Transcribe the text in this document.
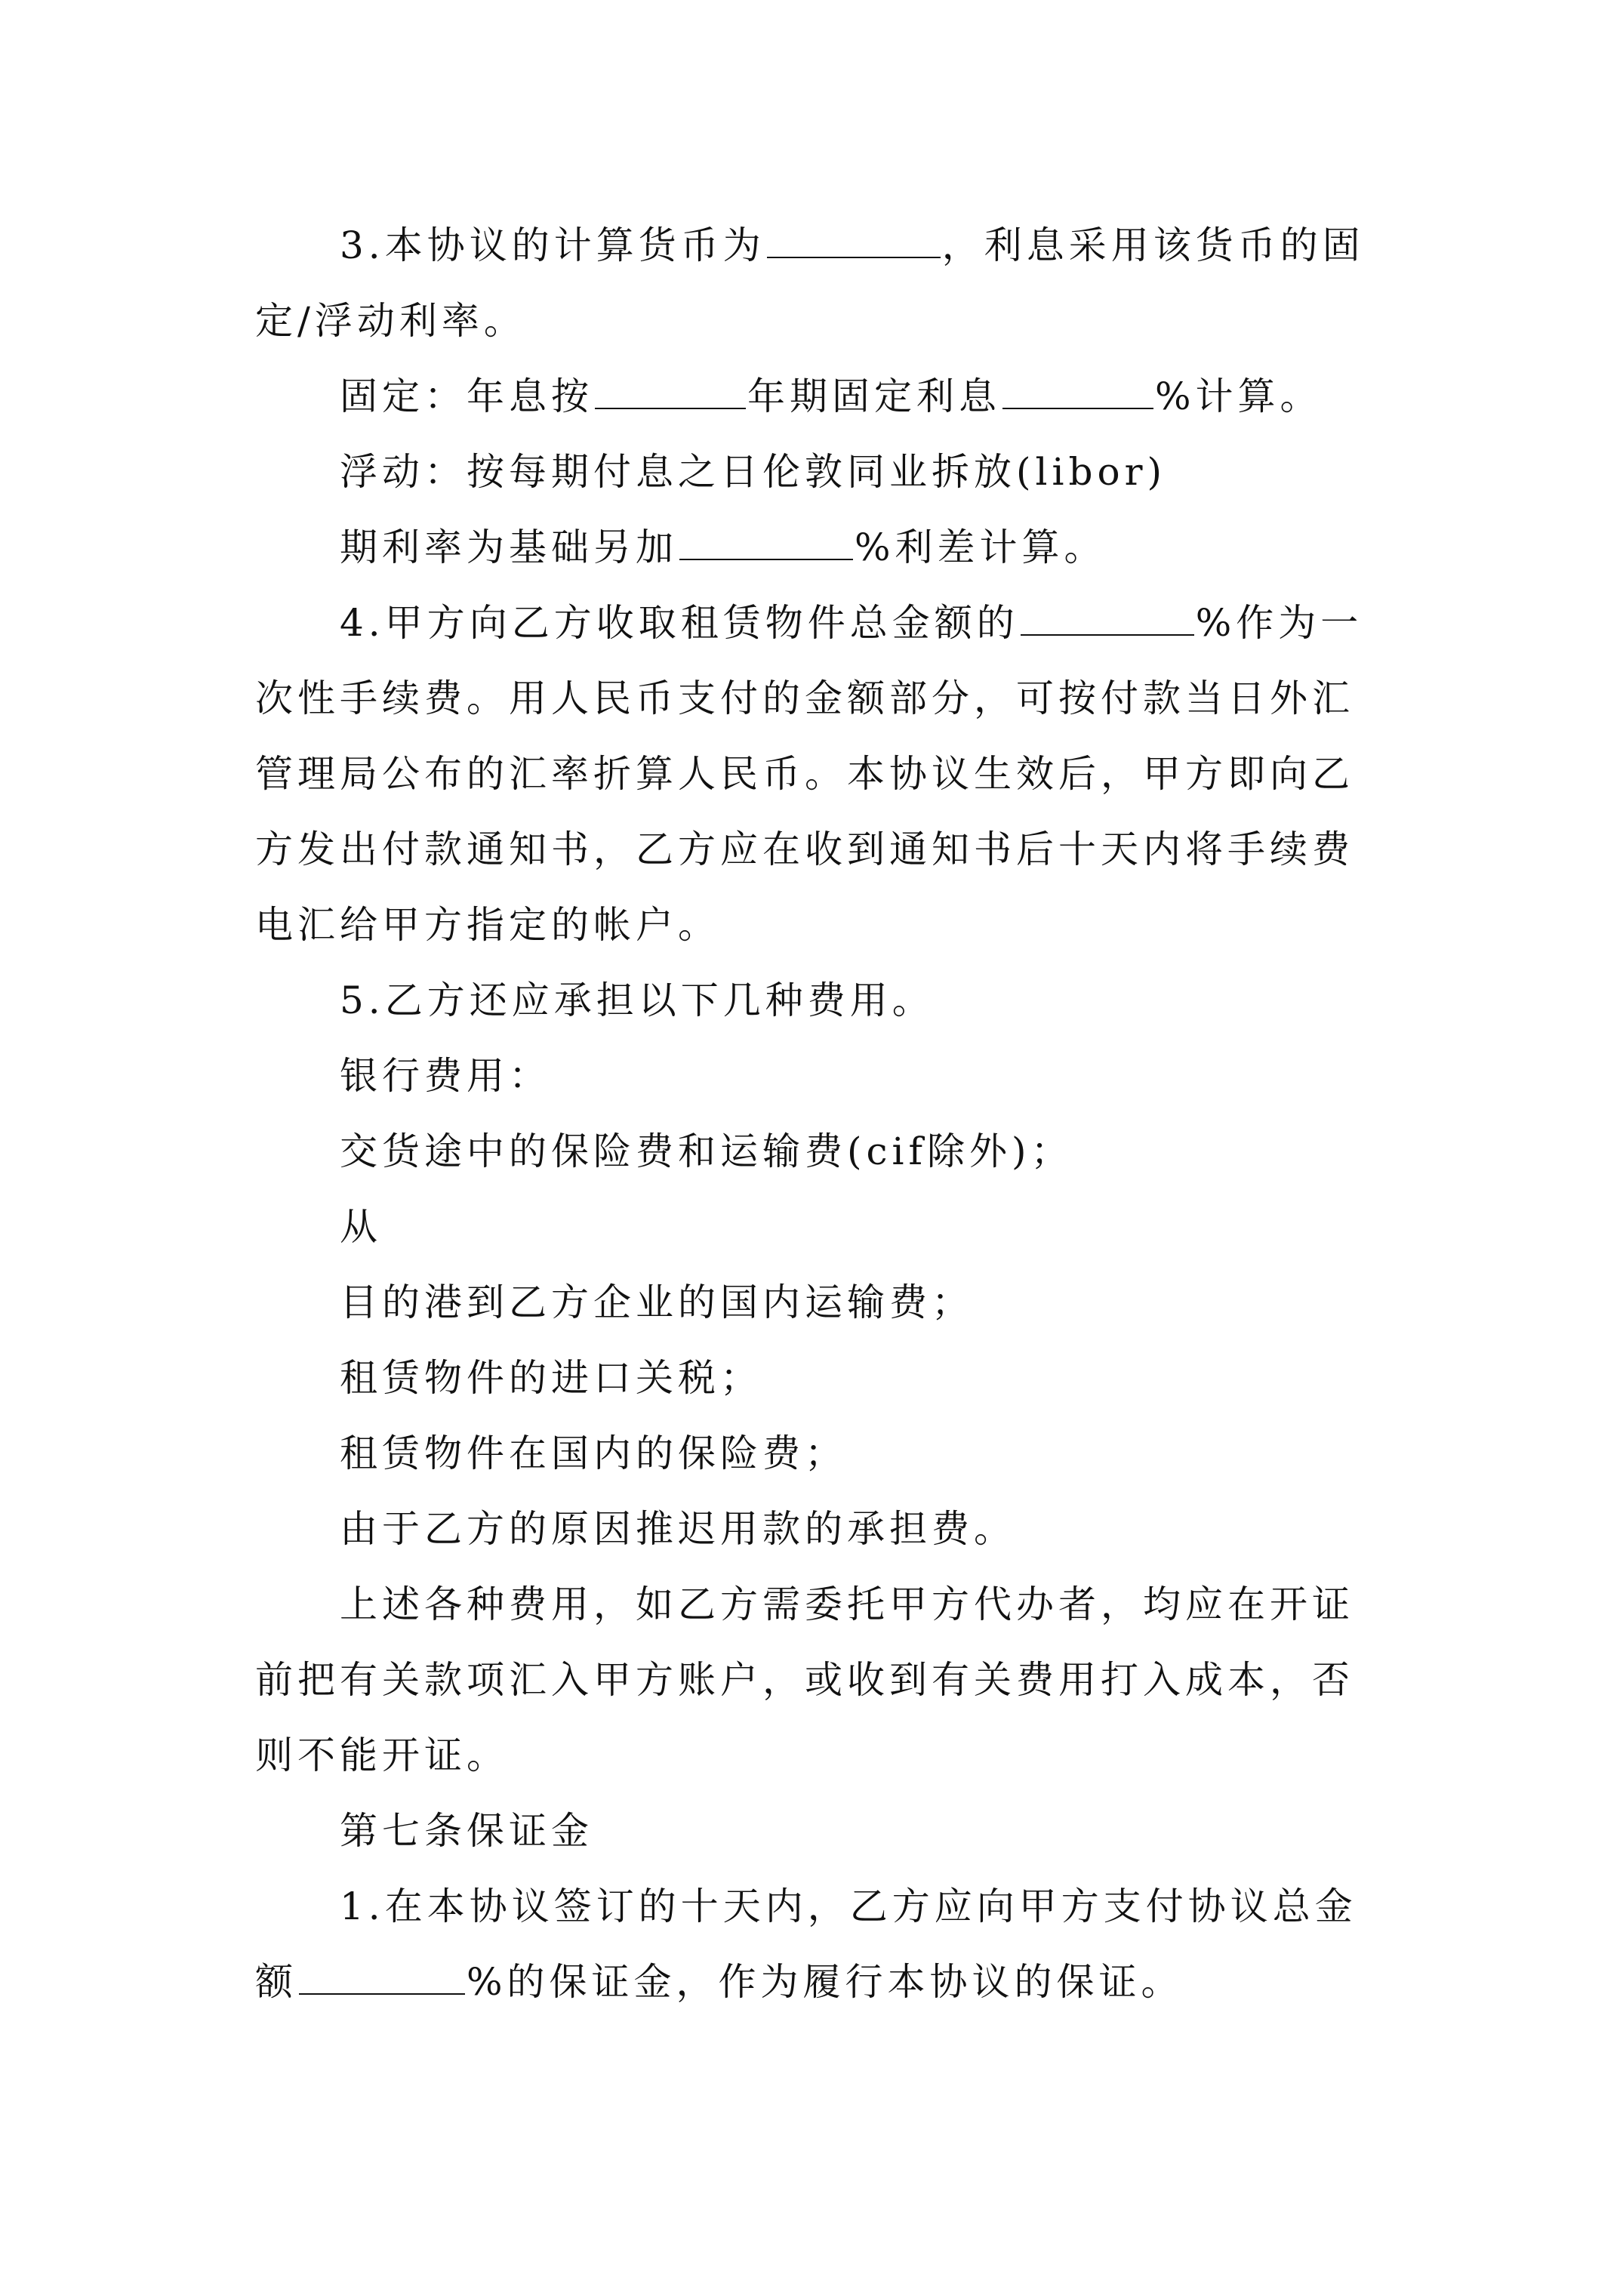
3.本协议的计算货币为	，利息采用该货币的固
定/浮动利率。
固定：年息按	年期固定利息	%计算。
浮动：按每期付息之日伦敦同业拆放(libor)
期利率为基础另加	%利差计算。
4.甲方向乙方收取租赁物件总金额的	%作为一
次性手续费。用人民币支付的金额部分，可按付款当日外汇
管理局公布的汇率折算人民币。本协议生效后，甲方即向乙
方发出付款通知书，乙方应在收到通知书后十天内将手续费
电汇给甲方指定的帐户。
5.乙方还应承担以下几种费用。
银行费用：
交货途中的保险费和运输费(cif除外)；
从
目的港到乙方企业的国内运输费；
租赁物件的进口关税；
租赁物件在国内的保险费；
由于乙方的原因推迟用款的承担费。
上述各种费用，如乙方需委托甲方代办者，均应在开证
前把有关款项汇入甲方账户，或收到有关费用打入成本，否
则不能开证。
第七条保证金
1.在本协议签订的十天内，乙方应向甲方支付协议总金
额	%的保证金，作为履行本协议的保证。
